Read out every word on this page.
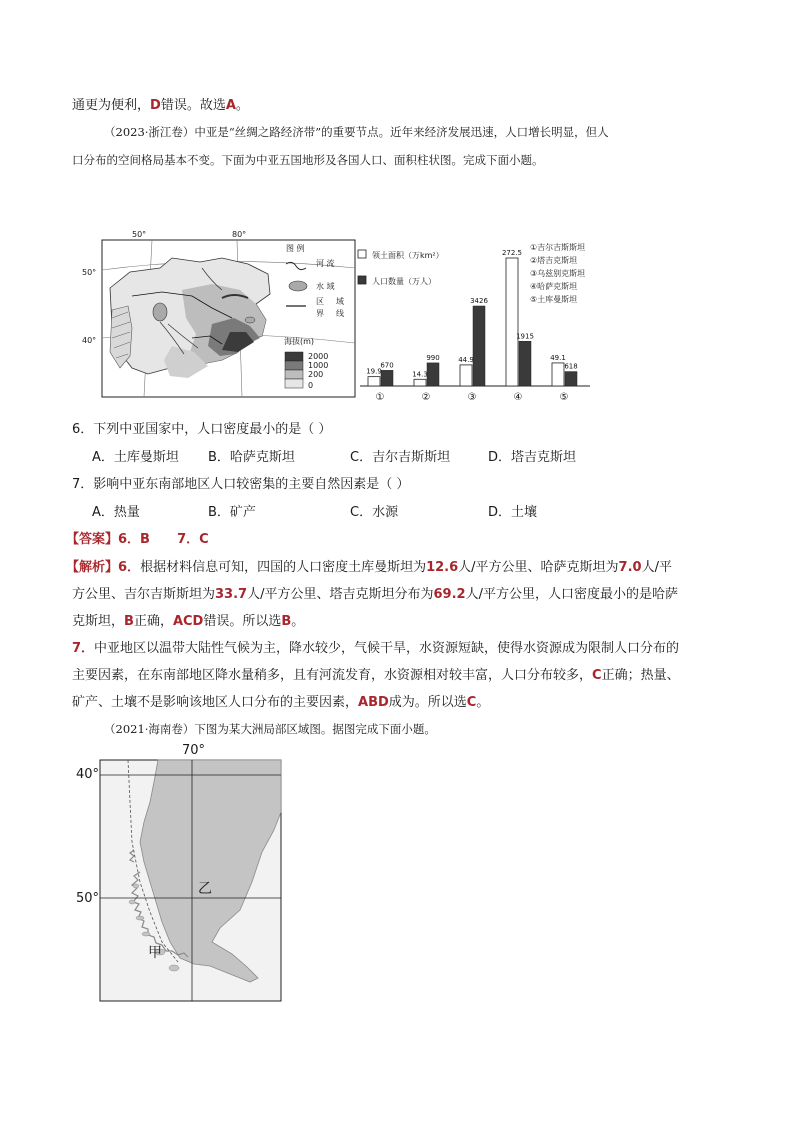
通更为便利，D错误。故选A。
（2023·浙江卷）中亚是“丝绸之路经济带”的重要节点。近年来经济发展迅速，人口增长明显，但人
口分布的空间格局基本不变。下面为中亚五国地形及各国人口、面积柱状图。完成下面小题。
50°	80°
50°
40°
图 例
河 流
水 域
区
界
域
线
海拔(m)
2000
1000
200
0
19.9
670
①
14.3
990
②
44.9
3426
③
272.5
1915
④
49.1
618
⑤
领土面积（万km²）
人口数量（万人）
①吉尔吉斯斯坦
②塔吉克斯坦
③乌兹别克斯坦
④哈萨克斯坦
⑤土库曼斯坦
6．下列中亚国家中，人口密度最小的是（ ）
A．土库曼斯坦 B．哈萨克斯坦	C．吉尔吉斯斯坦	D．塔吉克斯坦
7．影响中亚东南部地区人口较密集的主要自然因素是（ ）
A．热量	B．矿产	C．水源	D．土壤
【答案】6．B      7．C
【解析】6．根据材料信息可知，四国的人口密度土库曼斯坦为12.6人/平方公里、哈萨克斯坦为7.0人/平
方公里、吉尔吉斯斯坦为33.7人/平方公里、塔吉克斯坦分布为69.2人/平方公里，人口密度最小的是哈萨
克斯坦，B正确，ACD错误。所以选B。
7．中亚地区以温带大陆性气候为主，降水较少，气候干旱，水资源短缺，使得水资源成为限制人口分布的
主要因素，在东南部地区降水量稍多，且有河流发育，水资源相对较丰富，人口分布较多，C正确；热量、
矿产、土壤不是影响该地区人口分布的主要因素，ABD成为。所以选C。
（2021·海南卷）下图为某大洲局部区域图。据图完成下面小题。
70°
40°
50°
乙
甲
